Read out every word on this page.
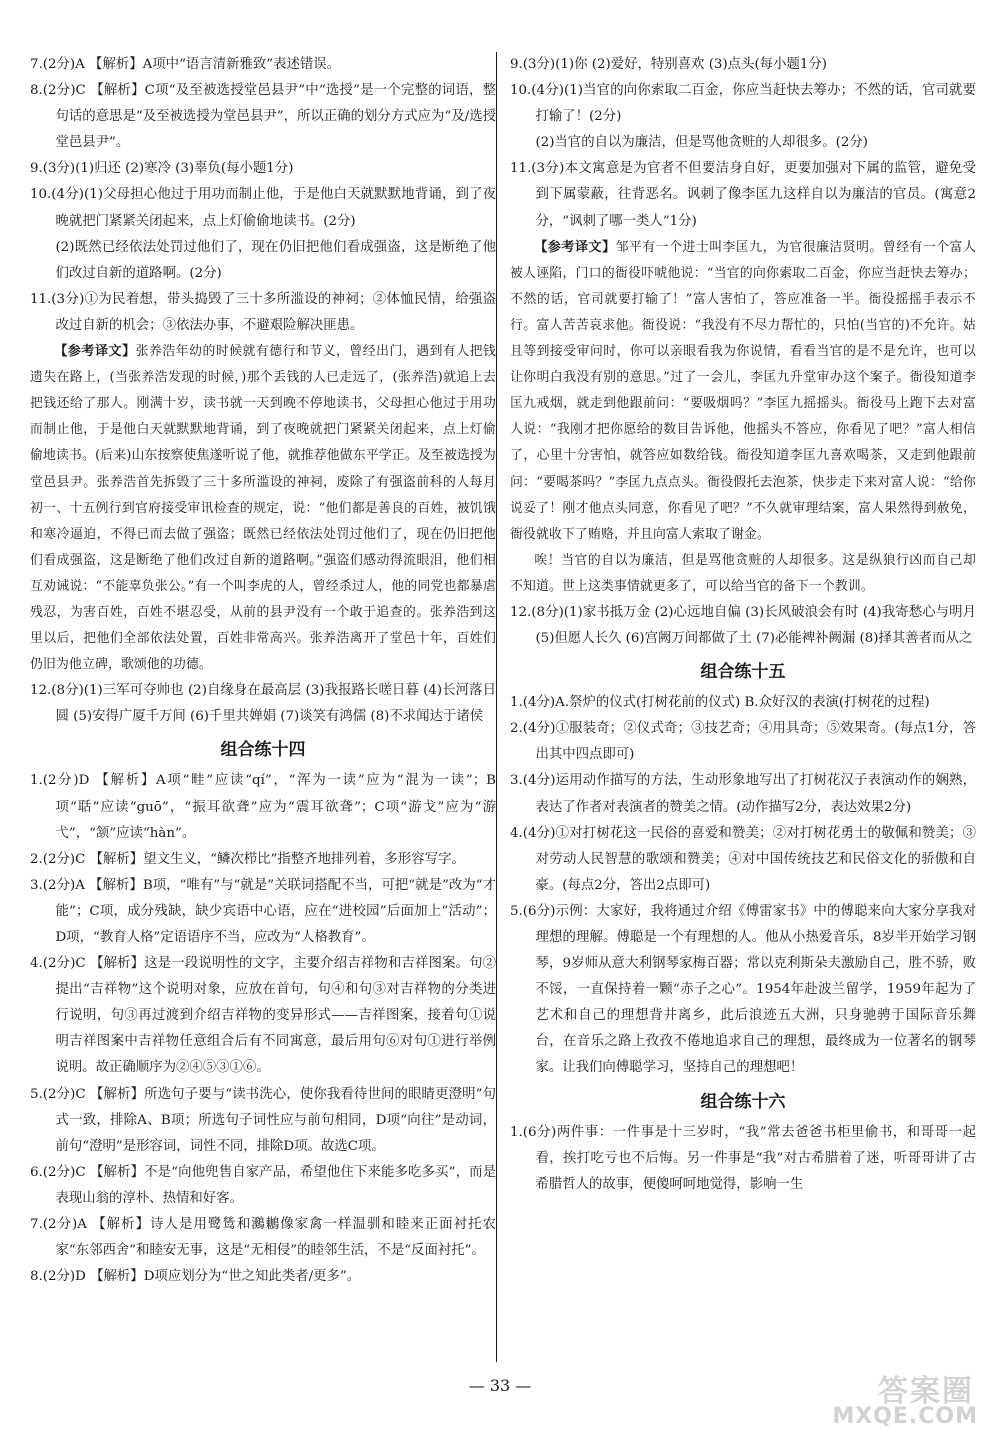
7.(2分)A 【解析】A项中“语言清新雅致”表述错误。

8.(2分)C 【解析】C项“及至被选授堂邑县尹”中“选授”是一个完整的词语，整句话的意思是“及至被选授为堂邑县尹”，所以正确的划分方式应为“及/选授堂邑县尹”。

9.(3分)(1)归还 (2)寒冷 (3)辜负(每小题1分)

10.(4分)(1)父母担心他过于用功而制止他，于是他白天就默默地背诵，到了夜晚就把门紧紧关闭起来，点上灯偷偷地读书。(2分)

(2)既然已经依法处罚过他们了，现在仍旧把他们看成强盗，这是断绝了他们改过自新的道路啊。(2分)

11.(3分)①为民着想，带头捣毁了三十多所滥设的神祠；②体恤民情，给强盗改过自新的机会；③依法办事，不避艰险解决匪患。

【参考译文】张养浩年幼的时候就有德行和节义，曾经出门，遇到有人把钱遗失在路上，(当张养浩发现的时候，)那个丢钱的人已走远了，(张养浩)就追上去把钱还给了那人。刚满十岁，读书就一天到晚不停地读书，父母担心他过于用功而制止他，于是他白天就默默地背诵，到了夜晚就把门紧紧关闭起来，点上灯偷偷地读书。(后来)山东按察使焦遂听说了他，就推荐他做东平学正。及至被选授为堂邑县尹。张养浩首先拆毁了三十多所滥设的神祠，废除了有强盗前科的人每月初一、十五例行到官府接受审讯检查的规定，说：“他们都是善良的百姓，被饥饿和寒冷逼迫，不得已而去做了强盗；既然已经依法处罚过他们了，现在仍旧把他们看成强盗，这是断绝了他们改过自新的道路啊。”强盗们感动得流眼泪，他们相互劝诫说：“不能辜负张公。”有一个叫李虎的人，曾经杀过人，他的同党也都暴虐残忍，为害百姓，百姓不堪忍受，从前的县尹没有一个敢于追查的。张养浩到这里以后，把他们全部依法处置，百姓非常高兴。张养浩离开了堂邑十年，百姓们仍旧为他立碑，歌颂他的功德。

12.(8分)(1)三军可夺帅也 (2)自缘身在最高层 (3)我报路长嗟日暮 (4)长河落日圆 (5)安得广厦千万间 (6)千里共婵娟 (7)谈笑有鸿儒 (8)不求闻达于诸侯

组合练十四

1.(2分)D 【解析】A项“畦”应读“qí”，“浑为一读”应为“混为一读”；B项“聒”应读“guō”，“振耳欲聋”应为“震耳欲聋”；C项“游戈”应为“游弋”，“颔”应读“hàn”。

2.(2分)C 【解析】望文生义，“鳞次栉比”指整齐地排列着，多形容写字。

3.(2分)A 【解析】B项，“唯有”与“就是”关联词搭配不当，可把“就是”改为“才能”；C项，成分残缺，缺少宾语中心语，应在“进校园”后面加上“活动”；D项，“教育人格”定语语序不当，应改为“人格教育”。

4.(2分)C 【解析】这是一段说明性的文字，主要介绍吉祥物和吉祥图案。句②提出“吉祥物”这个说明对象，应放在首句，句④和句③对吉祥物的分类进行说明，句③再过渡到介绍吉祥物的变异形式——吉祥图案，接着句①说明吉祥图案中吉祥物任意组合后有不同寓意，最后用句⑥对句①进行举例说明。故正确顺序为②④⑤③①⑥。

5.(2分)C 【解析】所选句子要与“读书洗心，使你我看待世间的眼睛更澄明”句式一致，排除A、B项；所选句子词性应与前句相同，D项“向往”是动词，前句“澄明”是形容词，词性不同，排除D项。故选C项。

6.(2分)C 【解析】不是“向他兜售自家产品，希望他住下来能多吃多买”，而是表现山翁的淳朴、热情和好客。

7.(2分)A 【解析】诗人是用鹭鸶和鸂鶒像家禽一样温驯和睦来正面衬托农家“东邻西舍”和睦安无事，这是“无相侵”的睦邻生活，不是“反面衬托”。

8.(2分)D 【解析】D项应划分为“世之知此类者/更多”。

9.(3分)(1)你 (2)爱好，特别喜欢 (3)点头(每小题1分)

10.(4分)(1)当官的向你索取二百金，你应当赶快去筹办；不然的话，官司就要打输了！(2分)

(2)当官的自以为廉洁，但是骂他贪赃的人却很多。(2分)

11.(3分)本文寓意是为官者不但要洁身自好，更要加强对下属的监管，避免受到下属蒙蔽，往背恶名。讽刺了像李匡九这样自以为廉洁的官员。(寓意2分，“讽刺了哪一类人”1分)

【参考译文】邹平有一个进士叫李匡九，为官很廉洁贤明。曾经有一个富人被人诬陷，门口的衙役吓唬他说：“当官的向你索取二百金，你应当赶快去筹办；不然的话，官司就要打输了！”富人害怕了，答应准备一半。衙役摇摇手表示不行。富人苦苦哀求他。衙役说：“我没有不尽力帮忙的，只怕(当官的)不允许。姑且等到接受审问时，你可以亲眼看我为你说情，看看当官的是不是允许，也可以让你明白我没有别的意思。”过了一会儿，李匡九升堂审办这个案子。衙役知道李匡九戒烟，就走到他跟前问：“要吸烟吗？”李匡九摇摇头。衙役马上跑下去对富人说：“我刚才把你愿给的数目告诉他，他摇头不答应，你看见了吧？”富人相信了，心里十分害怕，就答应如数给钱。衙役知道李匡九喜欢喝茶，又走到他跟前问：“要喝茶吗？”李匡九点点头。衙役假托去泡茶，快步走下来对富人说：“给你说妥了！刚才他点头同意，你看见了吧？”不久就审理结案，富人果然得到赦免，衙役就收下了贿赂，并且向富人索取了谢金。

唉！当官的自以为廉洁，但是骂他贪赃的人却很多。这是纵狼行凶而自己却不知道。世上这类事情就更多了，可以给当官的备下一个教训。

12.(8分)(1)家书抵万金 (2)心远地自偏 (3)长风破浪会有时 (4)我寄愁心与明月 (5)但愿人长久 (6)宫阙万间都做了土 (7)必能裨补阙漏 (8)择其善者而从之

组合练十五

1.(4分)A.祭炉的仪式(打树花前的仪式) B.众好汉的表演(打树花的过程)

2.(4分)①服装奇；②仪式奇；③技艺奇；④用具奇；⑤效果奇。(每点1分，答出其中四点即可)

3.(4分)运用动作描写的方法，生动形象地写出了打树花汉子表演动作的娴熟，表达了作者对表演者的赞美之情。(动作描写2分，表达效果2分)

4.(4分)①对打树花这一民俗的喜爱和赞美；②对打树花勇士的敬佩和赞美；③对劳动人民智慧的歌颂和赞美；④对中国传统技艺和民俗文化的骄傲和自豪。(每点2分，答出2点即可)

5.(6分)示例：大家好，我将通过介绍《傅雷家书》中的傅聪来向大家分享我对理想的理解。傅聪是一个有理想的人。他从小热爱音乐，8岁半开始学习钢琴，9岁师从意大利钢琴家梅百器；常以克利斯朵夫激励自己，胜不骄，败不馁，一直保持着一颗“赤子之心”。1954年赴波兰留学，1959年起为了艺术和自己的理想背井离乡，此后浪迹五大洲，只身驰骋于国际音乐舞台，在音乐之路上孜孜不倦地追求自己的理想，最终成为一位著名的钢琴家。让我们向傅聪学习，坚持自己的理想吧！

组合练十六

1.(6分)两件事：一件事是十三岁时，“我”常去爸爸书柜里偷书，和哥哥一起看，挨打吃亏也不后悔。另一件事是“我”对古希腊着了迷，听哥哥讲了古希腊哲人的故事，便傻呵呵地觉得，影响一生

— 33 —	答案圈
MXQE.COM
